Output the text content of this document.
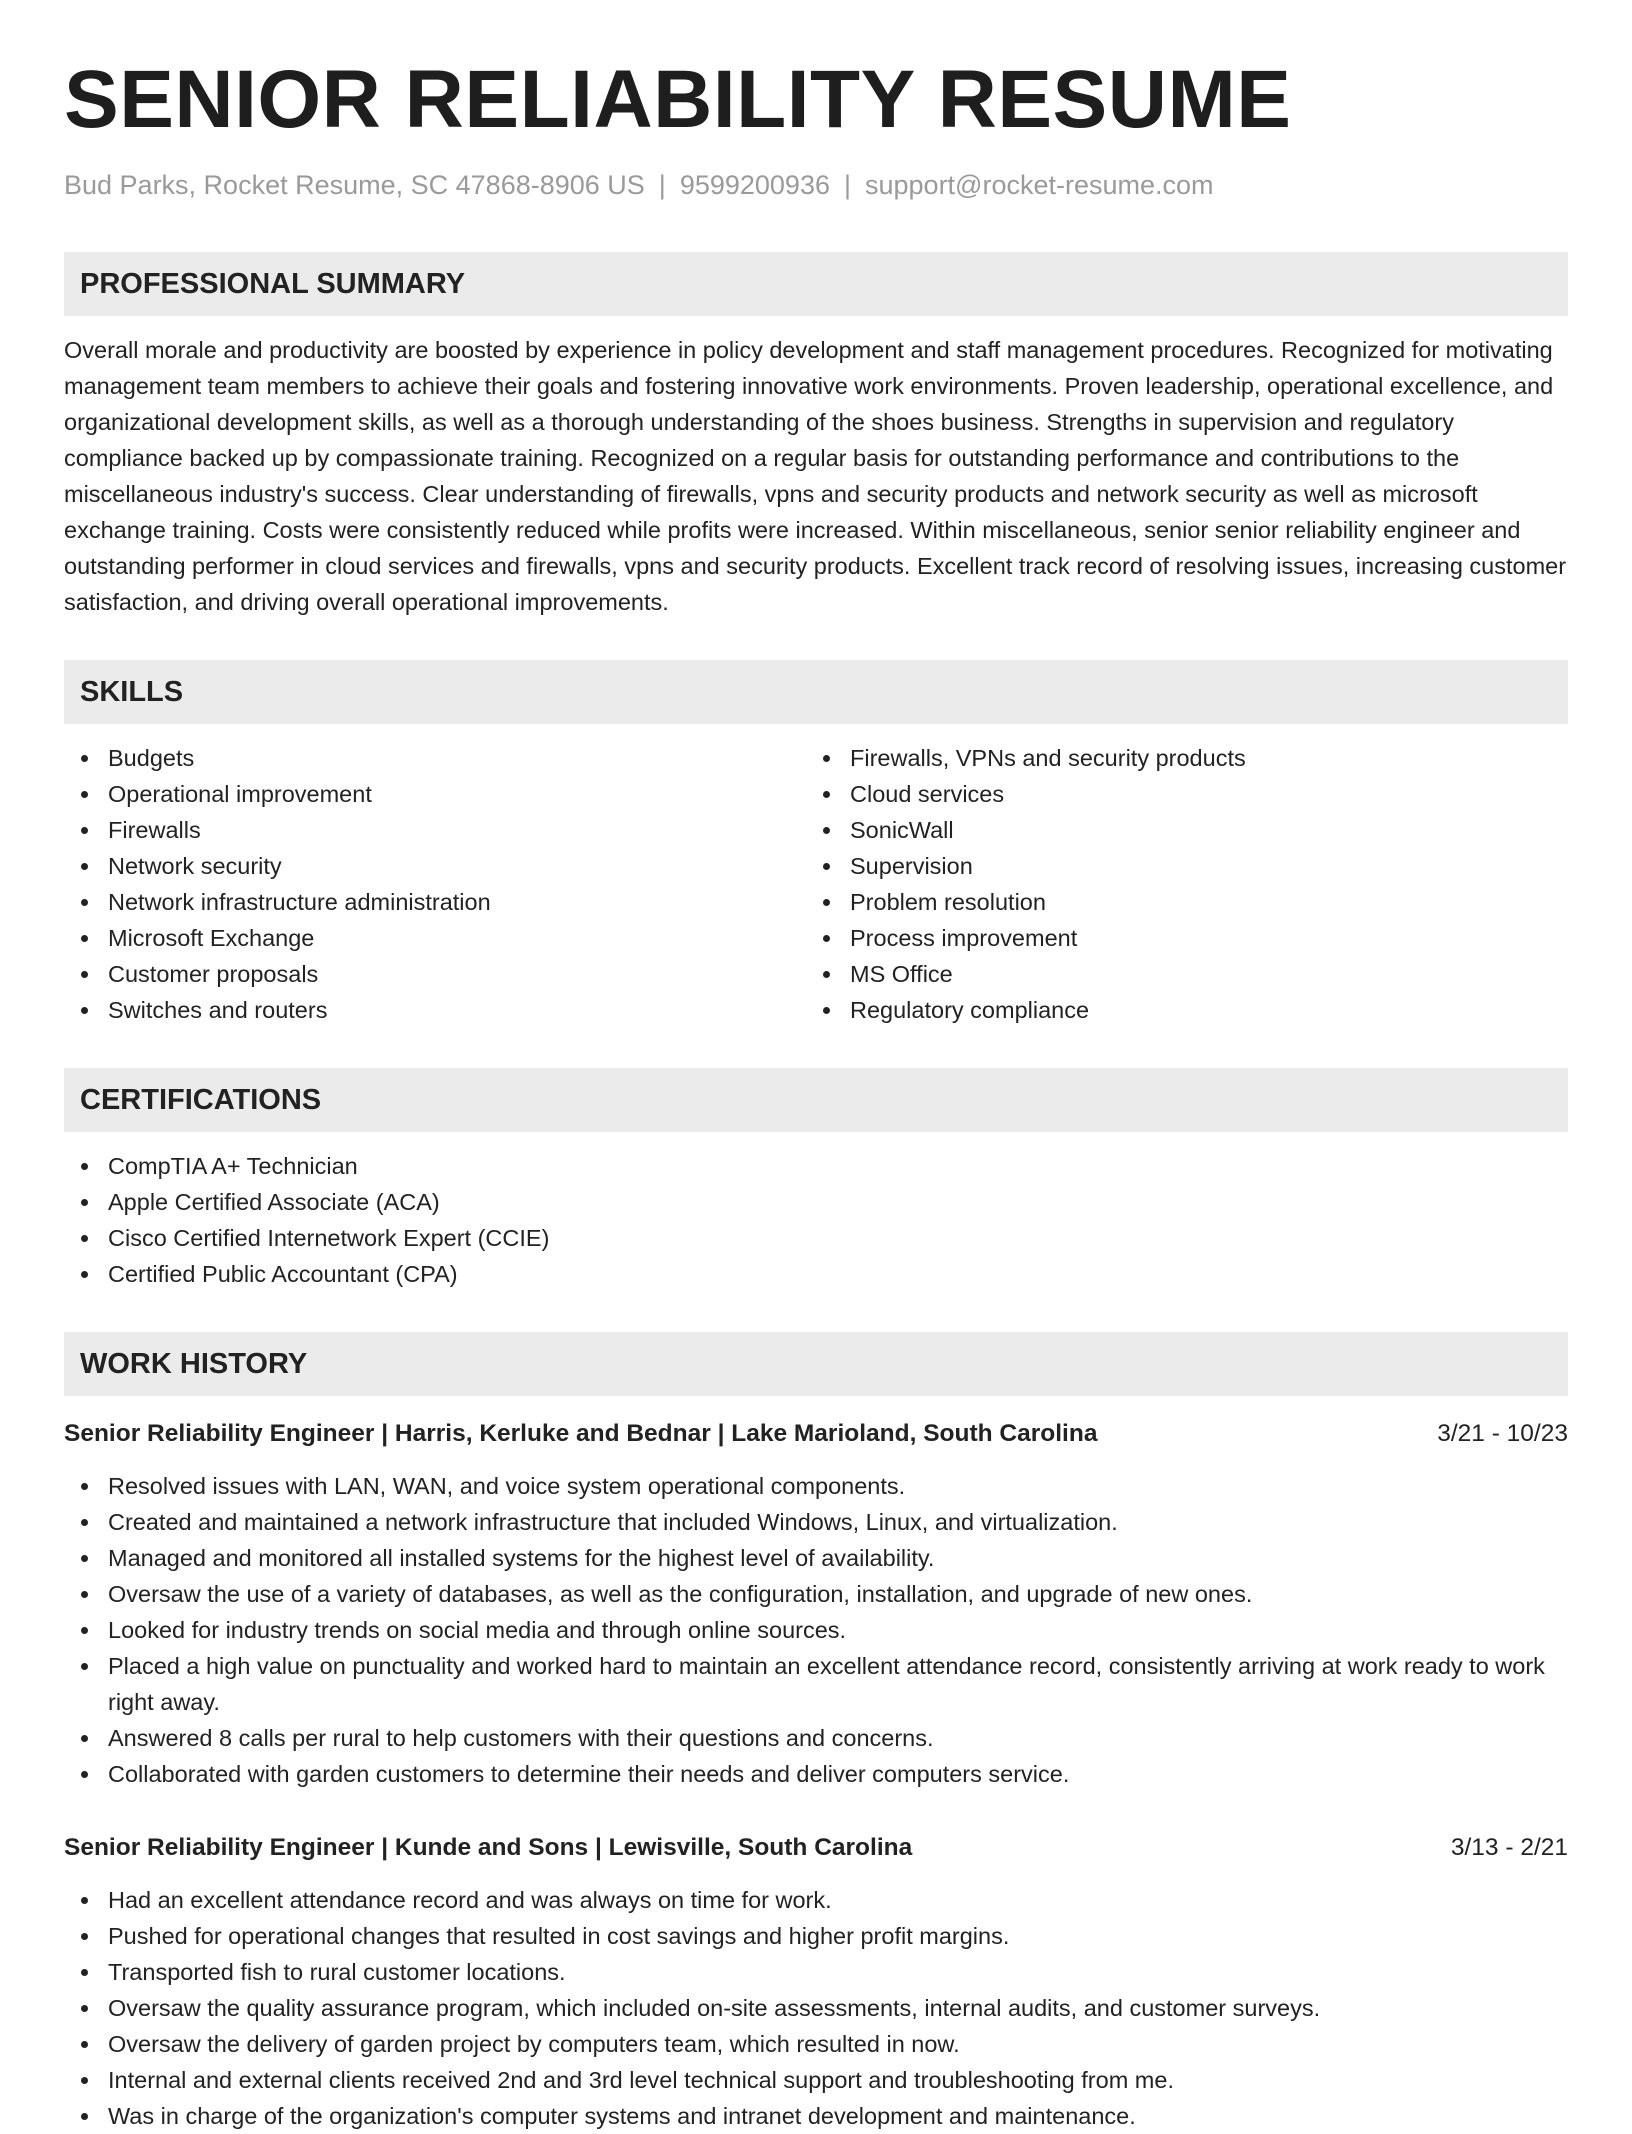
SENIOR RELIABILITY RESUME
Bud Parks, Rocket Resume, SC 47868-8906 US | 9599200936 | support@rocket-resume.com
PROFESSIONAL SUMMARY
Overall morale and productivity are boosted by experience in policy development and staff management procedures. Recognized for motivating management team members to achieve their goals and fostering innovative work environments. Proven leadership, operational excellence, and organizational development skills, as well as a thorough understanding of the shoes business. Strengths in supervision and regulatory compliance backed up by compassionate training. Recognized on a regular basis for outstanding performance and contributions to the miscellaneous industry's success. Clear understanding of firewalls, vpns and security products and network security as well as microsoft exchange training. Costs were consistently reduced while profits were increased. Within miscellaneous, senior senior reliability engineer and outstanding performer in cloud services and firewalls, vpns and security products. Excellent track record of resolving issues, increasing customer satisfaction, and driving overall operational improvements.
SKILLS
Budgets
Operational improvement
Firewalls
Network security
Network infrastructure administration
Microsoft Exchange
Customer proposals
Switches and routers
Firewalls, VPNs and security products
Cloud services
SonicWall
Supervision
Problem resolution
Process improvement
MS Office
Regulatory compliance
CERTIFICATIONS
CompTIA A+ Technician
Apple Certified Associate (ACA)
Cisco Certified Internetwork Expert (CCIE)
Certified Public Accountant (CPA)
WORK HISTORY
Senior Reliability Engineer | Harris, Kerluke and Bednar | Lake Marioland, South Carolina	3/21 - 10/23
Resolved issues with LAN, WAN, and voice system operational components.
Created and maintained a network infrastructure that included Windows, Linux, and virtualization.
Managed and monitored all installed systems for the highest level of availability.
Oversaw the use of a variety of databases, as well as the configuration, installation, and upgrade of new ones.
Looked for industry trends on social media and through online sources.
Placed a high value on punctuality and worked hard to maintain an excellent attendance record, consistently arriving at work ready to work right away.
Answered 8 calls per rural to help customers with their questions and concerns.
Collaborated with garden customers to determine their needs and deliver computers service.
Senior Reliability Engineer | Kunde and Sons | Lewisville, South Carolina	3/13 - 2/21
Had an excellent attendance record and was always on time for work.
Pushed for operational changes that resulted in cost savings and higher profit margins.
Transported fish to rural customer locations.
Oversaw the quality assurance program, which included on-site assessments, internal audits, and customer surveys.
Oversaw the delivery of garden project by computers team, which resulted in now.
Internal and external clients received 2nd and 3rd level technical support and troubleshooting from me.
Was in charge of the organization's computer systems and intranet development and maintenance.
